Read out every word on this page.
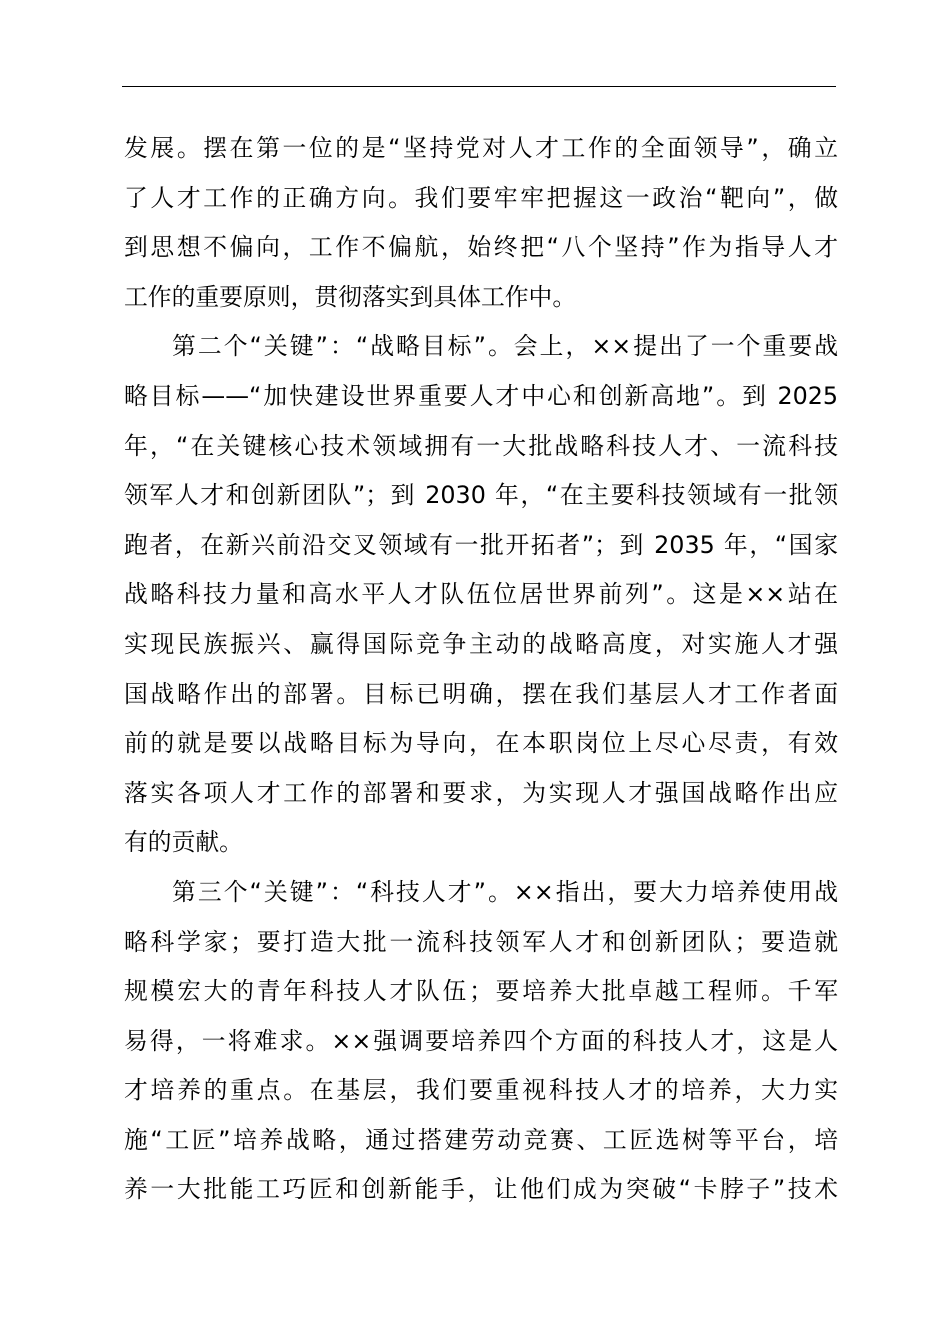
发展。摆在第一位的是“坚持党对人才工作的全面领导”，确立
了人才工作的正确方向。我们要牢牢把握这一政治“靶向”，做
到思想不偏向，工作不偏航，始终把“八个坚持”作为指导人才
工作的重要原则，贯彻落实到具体工作中。
第二个“关键”：“战略目标”。会上，××提出了一个重要战
略目标——“加快建设世界重要人才中心和创新高地”。到 2025
年，“在关键核心技术领域拥有一大批战略科技人才、一流科技
领军人才和创新团队”；到 2030 年，“在主要科技领域有一批领
跑者，在新兴前沿交叉领域有一批开拓者”；到 2035 年，“国家
战略科技力量和高水平人才队伍位居世界前列”。这是××站在
实现民族振兴、赢得国际竞争主动的战略高度，对实施人才强
国战略作出的部署。目标已明确，摆在我们基层人才工作者面
前的就是要以战略目标为导向，在本职岗位上尽心尽责，有效
落实各项人才工作的部署和要求，为实现人才强国战略作出应
有的贡献。
第三个“关键”：“科技人才”。××指出，要大力培养使用战
略科学家；要打造大批一流科技领军人才和创新团队；要造就
规模宏大的青年科技人才队伍；要培养大批卓越工程师。千军
易得，一将难求。××强调要培养四个方面的科技人才，这是人
才培养的重点。在基层，我们要重视科技人才的培养，大力实
施“工匠”培养战略，通过搭建劳动竞赛、工匠选树等平台，培
养一大批能工巧匠和创新能手，让他们成为突破“卡脖子”技术
